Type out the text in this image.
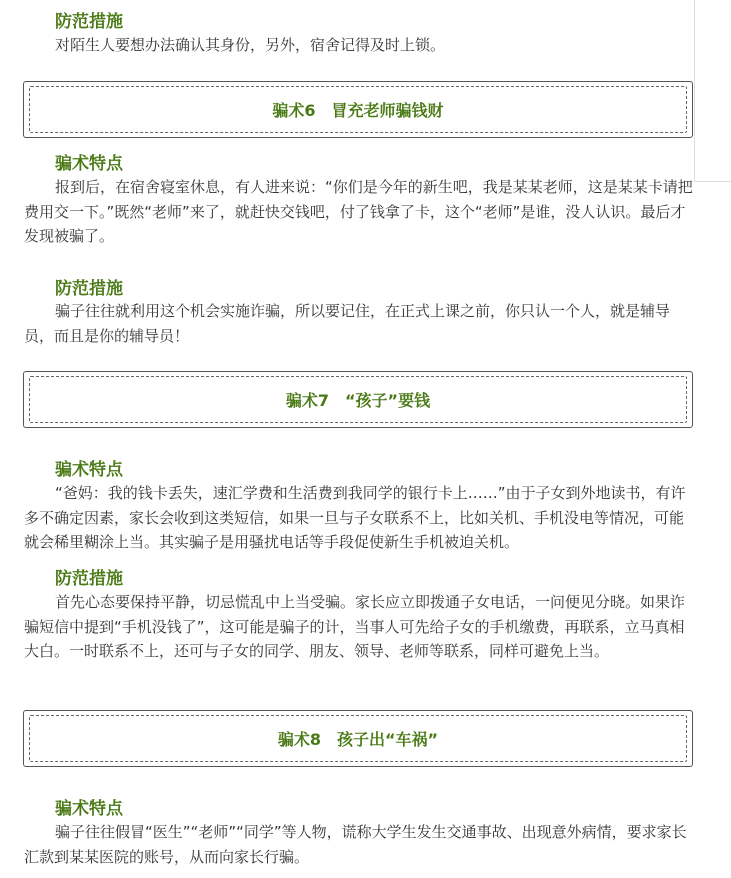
防范措施

对陌生人要想办法确认其身份，另外，宿舍记得及时上锁。

骗术6　冒充老师骗钱财
骗术特点

报到后，在宿舍寝室休息，有人进来说：“你们是今年的新生吧，我是某某老师，这是某某卡请把费用交一下。”既然“老师”来了，就赶快交钱吧，付了钱拿了卡，这个“老师”是谁，没人认识。最后才发现被骗了。

防范措施

骗子往往就利用这个机会实施诈骗，所以要记住，在正式上课之前，你只认一个人，就是辅导员，而且是你的辅导员！

骗术7　“孩子”要钱
骗术特点

“爸妈：我的钱卡丢失，速汇学费和生活费到我同学的银行卡上……”由于子女到外地读书，有许多不确定因素，家长会收到这类短信，如果一旦与子女联系不上，比如关机、手机没电等情况，可能就会稀里糊涂上当。其实骗子是用骚扰电话等手段促使新生手机被迫关机。

防范措施

首先心态要保持平静，切忌慌乱中上当受骗。家长应立即拨通子女电话，一问便见分晓。如果诈骗短信中提到“手机没钱了”，这可能是骗子的计，当事人可先给子女的手机缴费，再联系，立马真相大白。一时联系不上，还可与子女的同学、朋友、领导、老师等联系，同样可避免上当。

骗术8　孩子出“车祸”
骗术特点

骗子往往假冒“医生”“老师”“同学”等人物，谎称大学生发生交通事故、出现意外病情，要求家长汇款到某某医院的账号，从而向家长行骗。
